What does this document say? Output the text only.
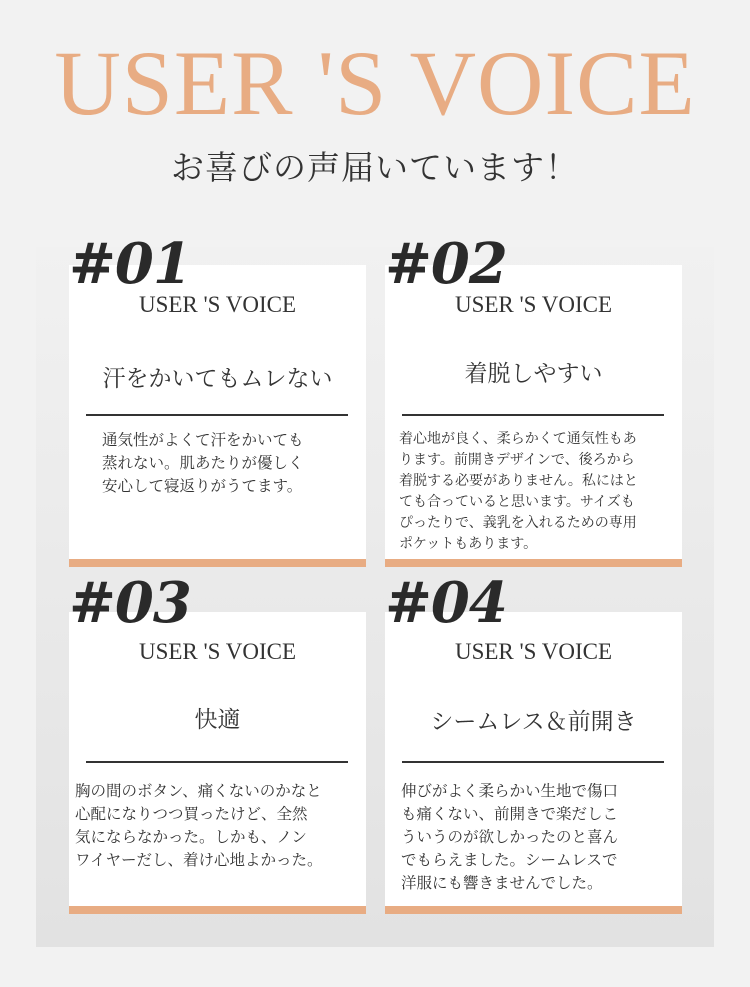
USER 'S VOICE
お喜びの声届いています！
USER 'S VOICE
汗をかいてもムレない
通気性がよくて汗をかいても
蒸れない。肌あたりが優しく
安心して寝返りがうてます。
#01
USER 'S VOICE
着脱しやすい
着心地が良く、柔らかくて通気性もあ
ります。前開きデザインで、後ろから
着脱する必要がありません。私にはと
ても合っていると思います。サイズも
ぴったりで、義乳を入れるための専用
ポケットもあります。
#02
USER 'S VOICE
快適
胸の間のボタン、痛くないのかなと
心配になりつつ買ったけど、全然
気にならなかった。しかも、ノン
ワイヤーだし、着け心地よかった。
#03
USER 'S VOICE
シームレス＆前開き
伸びがよく柔らかい生地で傷口
も痛くない、前開きで楽だしこ
ういうのが欲しかったのと喜ん
でもらえました。シームレスで
洋服にも響きませんでした。
#04
